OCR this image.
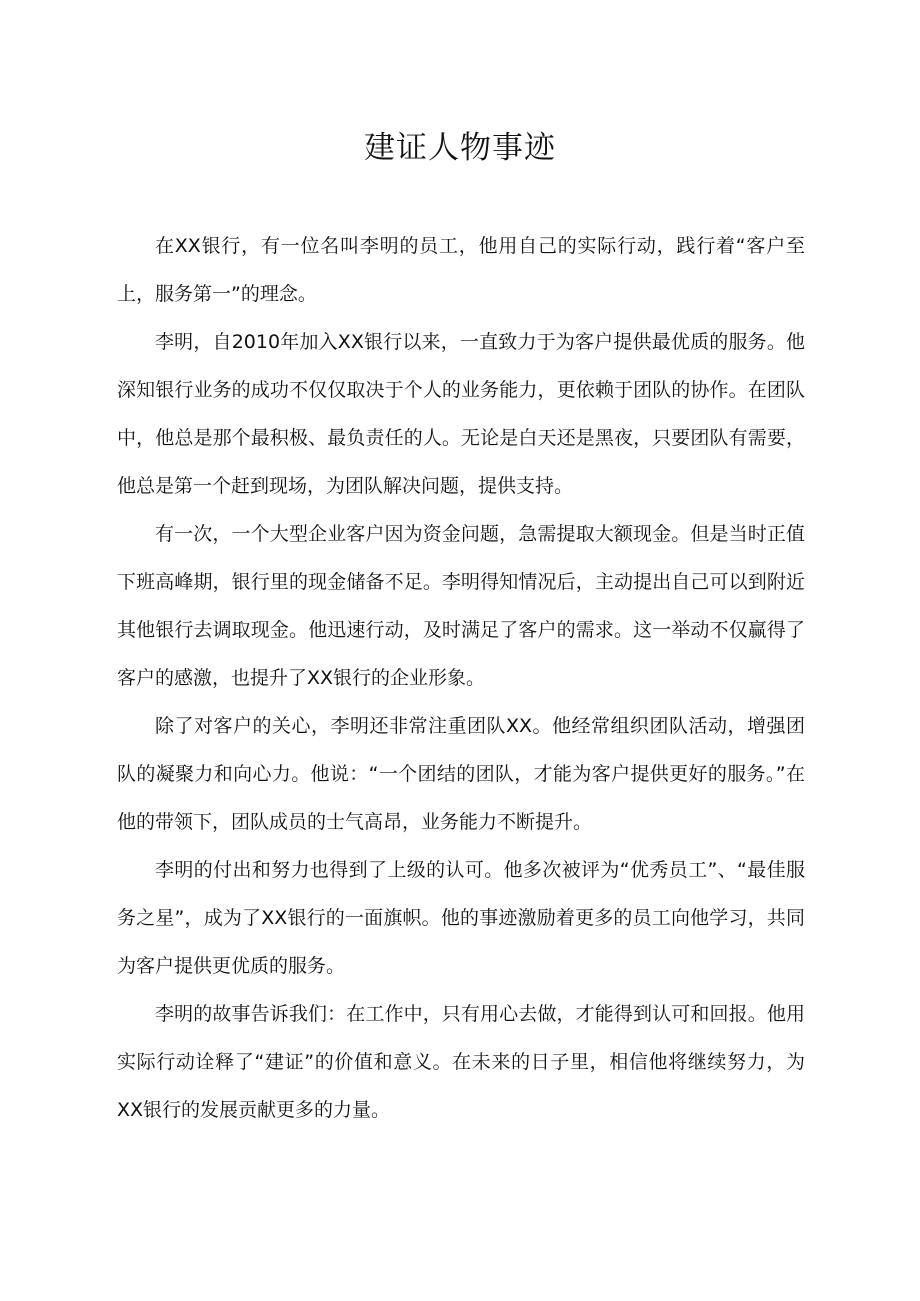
建证人物事迹

在XX银行，有一位名叫李明的员工，他用自己的实际行动，践行着“客户至上，服务第一”的理念。

李明，自2010年加入XX银行以来，一直致力于为客户提供最优质的服务。他深知银行业务的成功不仅仅取决于个人的业务能力，更依赖于团队的协作。在团队中，他总是那个最积极、最负责任的人。无论是白天还是黑夜，只要团队有需要，他总是第一个赶到现场，为团队解决问题，提供支持。

有一次，一个大型企业客户因为资金问题，急需提取大额现金。但是当时正值下班高峰期，银行里的现金储备不足。李明得知情况后，主动提出自己可以到附近其他银行去调取现金。他迅速行动，及时满足了客户的需求。这一举动不仅赢得了客户的感激，也提升了XX银行的企业形象。

除了对客户的关心，李明还非常注重团队XX。他经常组织团队活动，增强团队的凝聚力和向心力。他说：“一个团结的团队，才能为客户提供更好的服务。”在他的带领下，团队成员的士气高昂，业务能力不断提升。

李明的付出和努力也得到了上级的认可。他多次被评为“优秀员工”、“最佳服务之星”，成为了XX银行的一面旗帜。他的事迹激励着更多的员工向他学习，共同为客户提供更优质的服务。

李明的故事告诉我们：在工作中，只有用心去做，才能得到认可和回报。他用实际行动诠释了“建证”的价值和意义。在未来的日子里，相信他将继续努力，为XX银行的发展贡献更多的力量。
